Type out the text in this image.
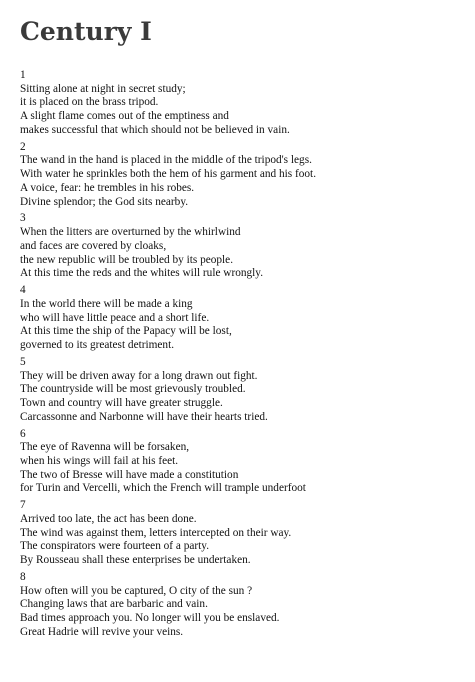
Century I
1
Sitting alone at night in secret study;
it is placed on the brass tripod.
A slight flame comes out of the emptiness and
makes successful that which should not be believed in vain.
2
The wand in the hand is placed in the middle of the tripod's legs.
With water he sprinkles both the hem of his garment and his foot.
A voice, fear: he trembles in his robes.
Divine splendor; the God sits nearby.
3
When the litters are overturned by the whirlwind
and faces are covered by cloaks,
the new republic will be troubled by its people.
At this time the reds and the whites will rule wrongly.
4
In the world there will be made a king
who will have little peace and a short life.
At this time the ship of the Papacy will be lost,
governed to its greatest detriment.
5
They will be driven away for a long drawn out fight.
The countryside will be most grievously troubled.
Town and country will have greater struggle.
Carcassonne and Narbonne will have their hearts tried.
6
The eye of Ravenna will be forsaken,
when his wings will fail at his feet.
The two of Bresse will have made a constitution
for Turin and Vercelli, which the French will trample underfoot
7
Arrived too late, the act has been done.
The wind was against them, letters intercepted on their way.
The conspirators were fourteen of a party.
By Rousseau shall these enterprises be undertaken.
8
How often will you be captured, O city of the sun ?
Changing laws that are barbaric and vain.
Bad times approach you. No longer will you be enslaved.
Great Hadrie will revive your veins.
